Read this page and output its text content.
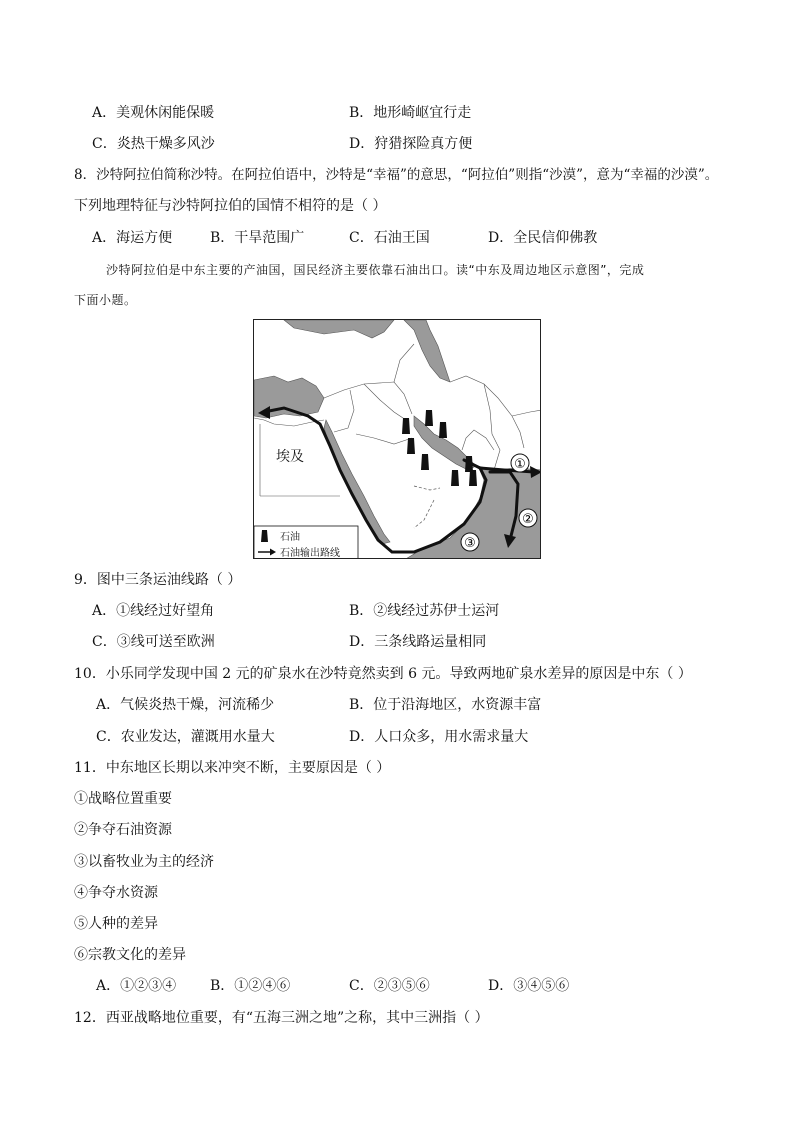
A．美观休闲能保暖	B．地形崎岖宜行走
C．炎热干燥多风沙	D．狩猎探险真方便
8．沙特阿拉伯简称沙特。在阿拉伯语中，沙特是“幸福”的意思，“阿拉伯”则指“沙漠”，意为“幸福的沙漠”。
下列地理特征与沙特阿拉伯的国情不相符的是（ ）
A．海运方便	B．干旱范围广	C．石油王国	D．全民信仰佛教
沙特阿拉伯是中东主要的产油国，国民经济主要依靠石油出口。读“中东及周边地区示意图”，完成
下面小题。
①
②
③
埃及
石油
石油输出路线
9．图中三条运油线路（ ）
A．①线经过好望角	B．②线经过苏伊士运河
C．③线可送至欧洲	D．三条线路运量相同
10．小乐同学发现中国 2 元的矿泉水在沙特竟然卖到 6 元。导致两地矿泉水差异的原因是中东（ ）
A．气候炎热干燥，河流稀少	B．位于沿海地区，水资源丰富
C．农业发达，灌溉用水量大	D．人口众多，用水需求量大
11．中东地区长期以来冲突不断，主要原因是（ ）
①战略位置重要
②争夺石油资源
③以畜牧业为主的经济
④争夺水资源
⑤人种的差异
⑥宗教文化的差异
A．①②③④ B．①②④⑥	C．②③⑤⑥	D．③④⑤⑥
12．西亚战略地位重要，有“五海三洲之地”之称，其中三洲指（ ）
